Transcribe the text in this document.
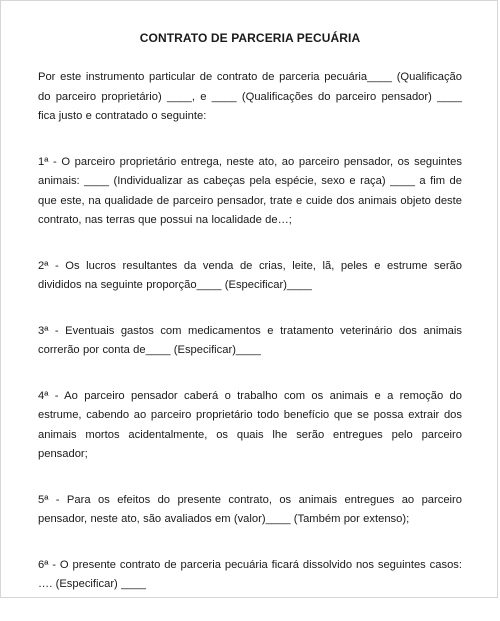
CONTRATO DE PARCERIA PECUÁRIA

Por este instrumento particular de contrato de parceria pecuária____ (Qualificação do parceiro proprietário) ____, e ____ (Qualificações do parceiro pensador) ____ fica justo e contratado o seguinte:

1ª - O parceiro proprietário entrega, neste ato, ao parceiro pensador, os seguintes animais: ____ (Individualizar as cabeças pela espécie, sexo e raça) ____ a fim de que este, na qualidade de parceiro pensador, trate e cuide dos animais objeto deste contrato, nas terras que possui na localidade de…;

2ª - Os lucros resultantes da venda de crias, leite, lã, peles e estrume serão divididos na seguinte proporção____ (Especificar)____

3ª - Eventuais gastos com medicamentos e tratamento veterinário dos animais correrão por conta de____ (Especificar)____

4ª - Ao parceiro pensador caberá o trabalho com os animais e a remoção do estrume, cabendo ao parceiro proprietário todo benefício que se possa extrair dos animais mortos acidentalmente, os quais lhe serão entregues pelo parceiro pensador;

5ª - Para os efeitos do presente contrato, os animais entregues ao parceiro pensador, neste ato, são avaliados em (valor)____ (Também por extenso);

6ª - O presente contrato de parceria pecuária ficará dissolvido nos seguintes casos: …. (Especificar) ____
